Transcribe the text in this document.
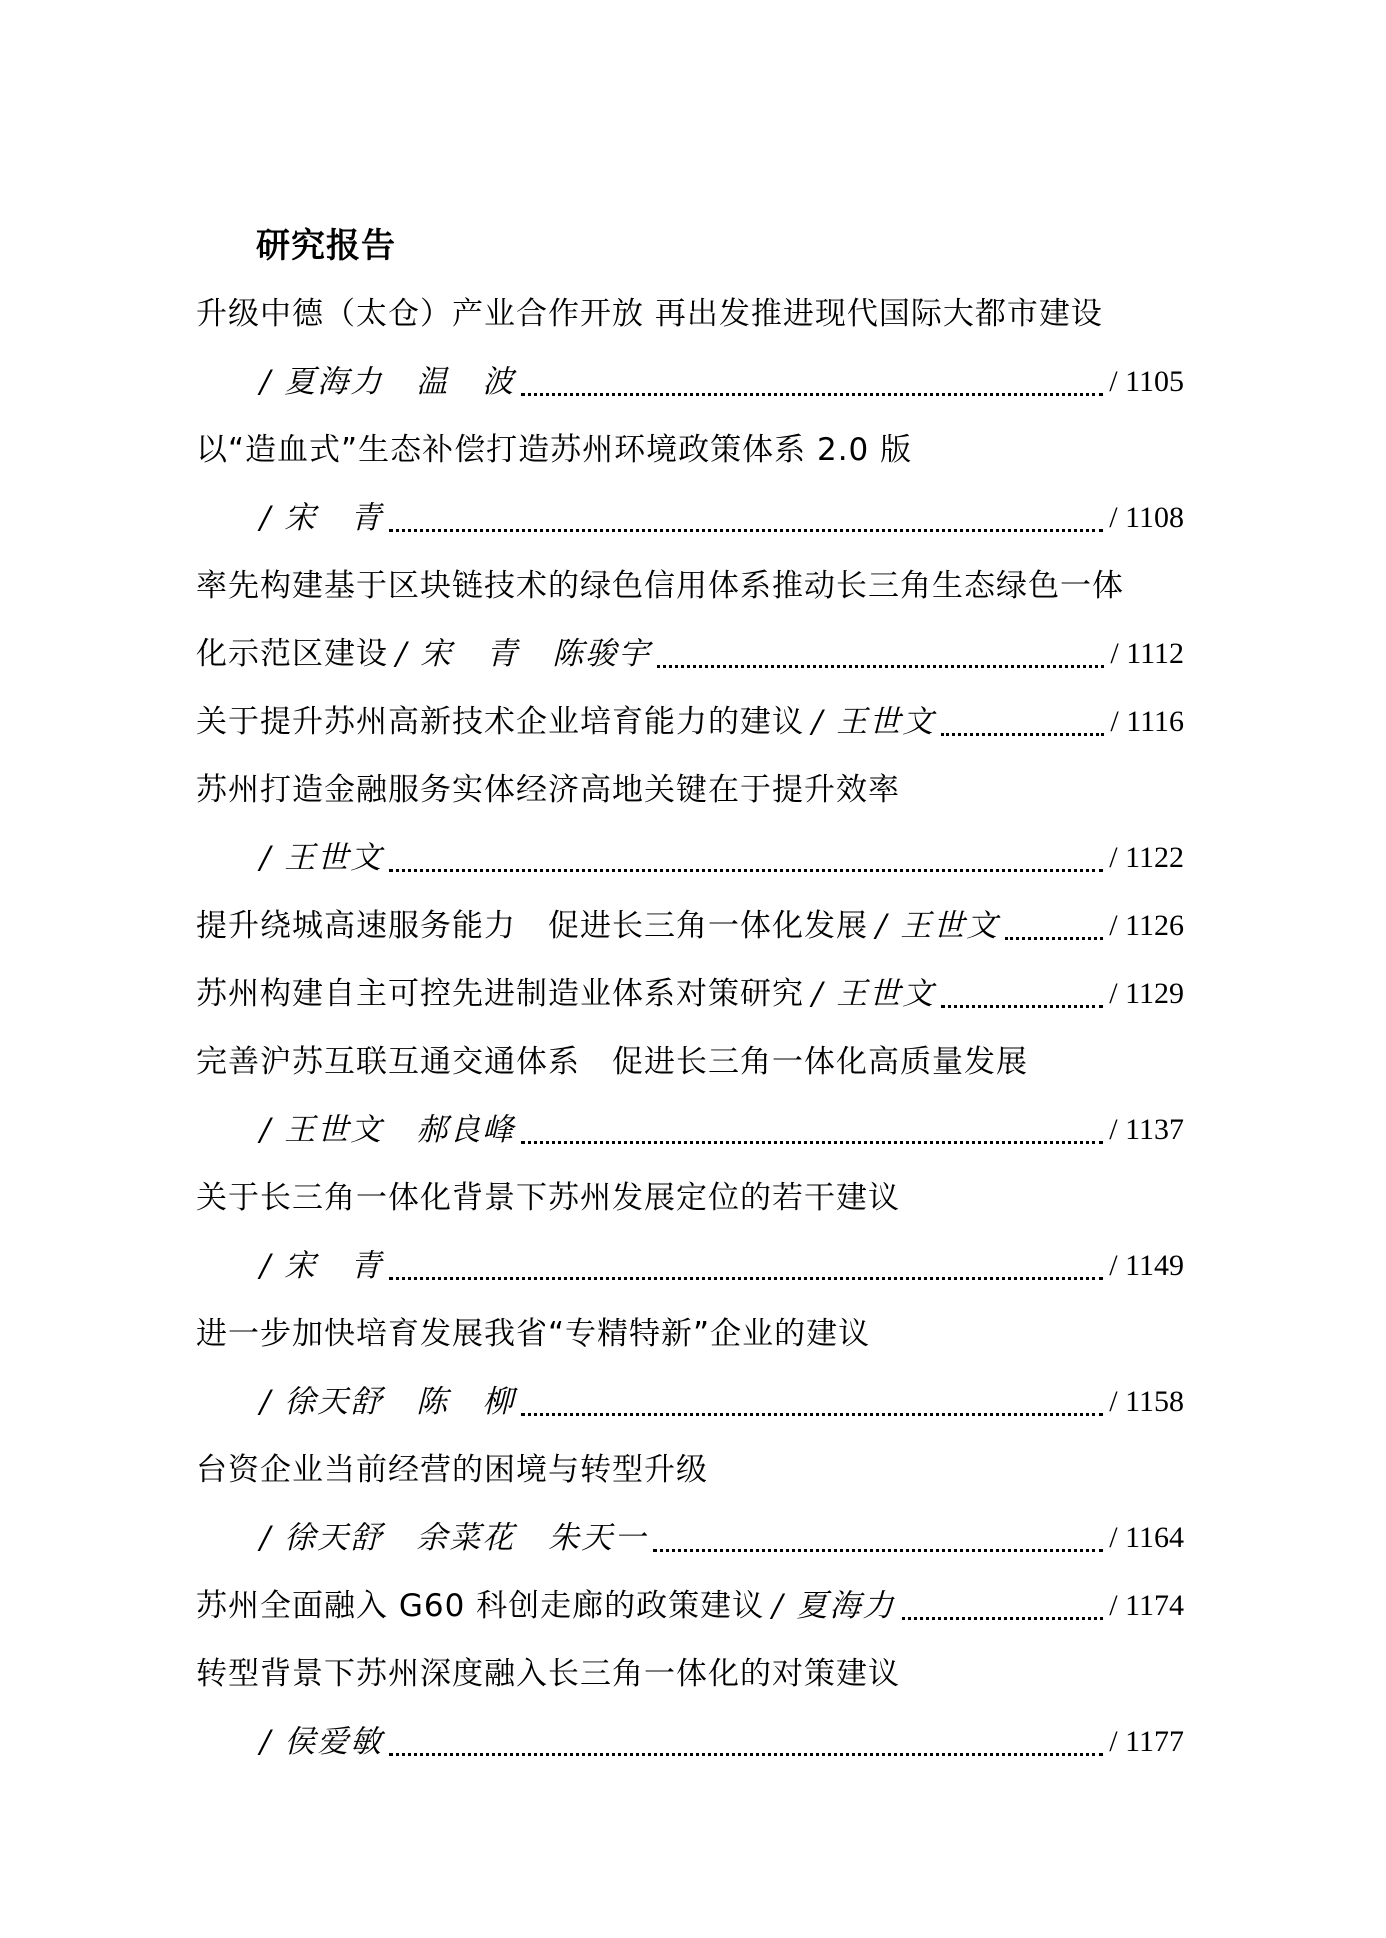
研究报告
升级中德（太仓）产业合作开放 再出发推进现代国际大都市建设
/ 夏海力　温　波	/ 1105
以“造血式”生态补偿打造苏州环境政策体系 2.0 版
/ 宋　青	/ 1108
率先构建基于区块链技术的绿色信用体系推动长三角生态绿色一体
化示范区建设 / 宋　青　陈骏宇	/ 1112
关于提升苏州高新技术企业培育能力的建议 / 王世文	/ 1116
苏州打造金融服务实体经济高地关键在于提升效率
/ 王世文	/ 1122
提升绕城高速服务能力　促进长三角一体化发展 / 王世文	/ 1126
苏州构建自主可控先进制造业体系对策研究 / 王世文	/ 1129
完善沪苏互联互通交通体系　促进长三角一体化高质量发展
/ 王世文　郝良峰	/ 1137
关于长三角一体化背景下苏州发展定位的若干建议
/ 宋　青	/ 1149
进一步加快培育发展我省“专精特新”企业的建议
/ 徐天舒　陈　柳	/ 1158
台资企业当前经营的困境与转型升级
/ 徐天舒　余菜花　朱天一	/ 1164
苏州全面融入 G60 科创走廊的政策建议 / 夏海力	/ 1174
转型背景下苏州深度融入长三角一体化的对策建议
/ 侯爱敏	/ 1177
